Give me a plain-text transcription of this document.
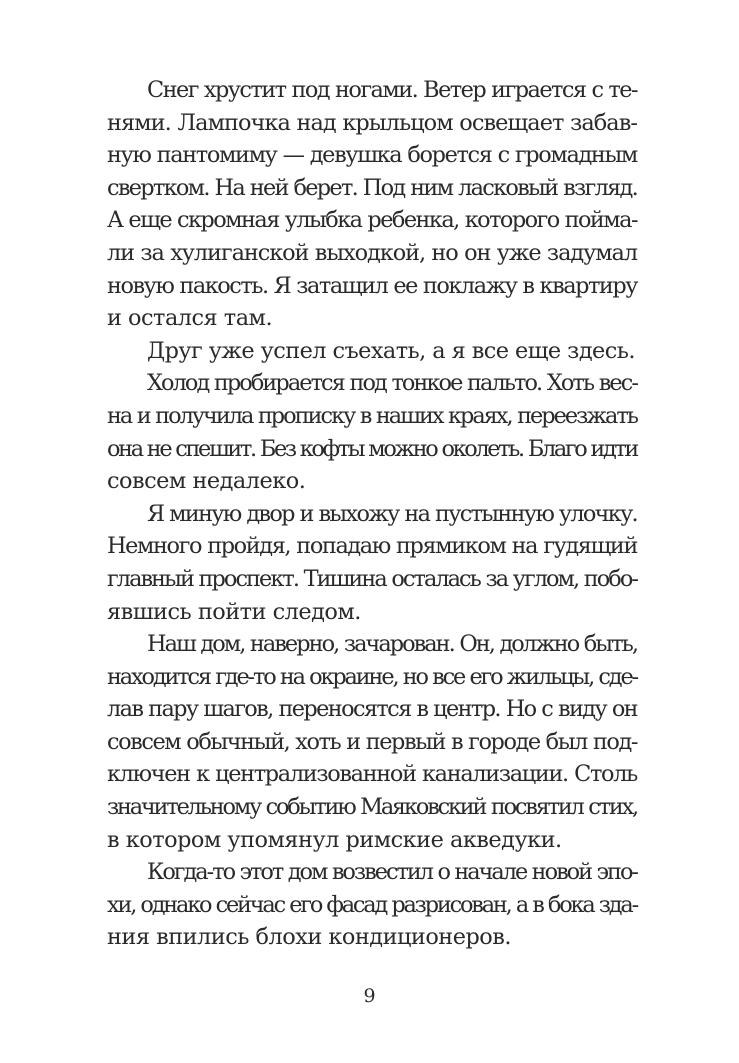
Снег хрустит под ногами. Ветер играется с те-
нями. Лампочка над крыльцом освещает забав-
ную пантомиму — девушка борется с громадным
свертком. На ней берет. Под ним ласковый взгляд.
А еще скромная улыбка ребенка, которого пойма-
ли за хулиганской выходкой, но он уже задумал
новую пакость. Я затащил ее поклажу в квартиру
и остался там.
Друг уже успел съехать, а я все еще здесь.
Холод пробирается под тонкое пальто. Хоть вес-
на и получила прописку в наших краях, переезжать
она не спешит. Без кофты можно околеть. Благо идти
совсем недалеко.
Я миную двор и выхожу на пустынную улочку.
Немного пройдя, попадаю прямиком на гудящий
главный проспект. Тишина осталась за углом, побо-
явшись пойти следом.
Наш дом, наверно, зачарован. Он, должно быть,
находится где-то на окраине, но все его жильцы, сде-
лав пару шагов, переносятся в центр. Но с виду он
совсем обычный, хоть и первый в городе был под-
ключен к централизованной канализации. Столь
значительному событию Маяковский посвятил стих,
в котором упомянул римские акведуки.
Когда-то этот дом возвестил о начале новой эпо-
хи, однако сейчас его фасад разрисован, а в бока зда-
ния впились блохи кондиционеров.
9
